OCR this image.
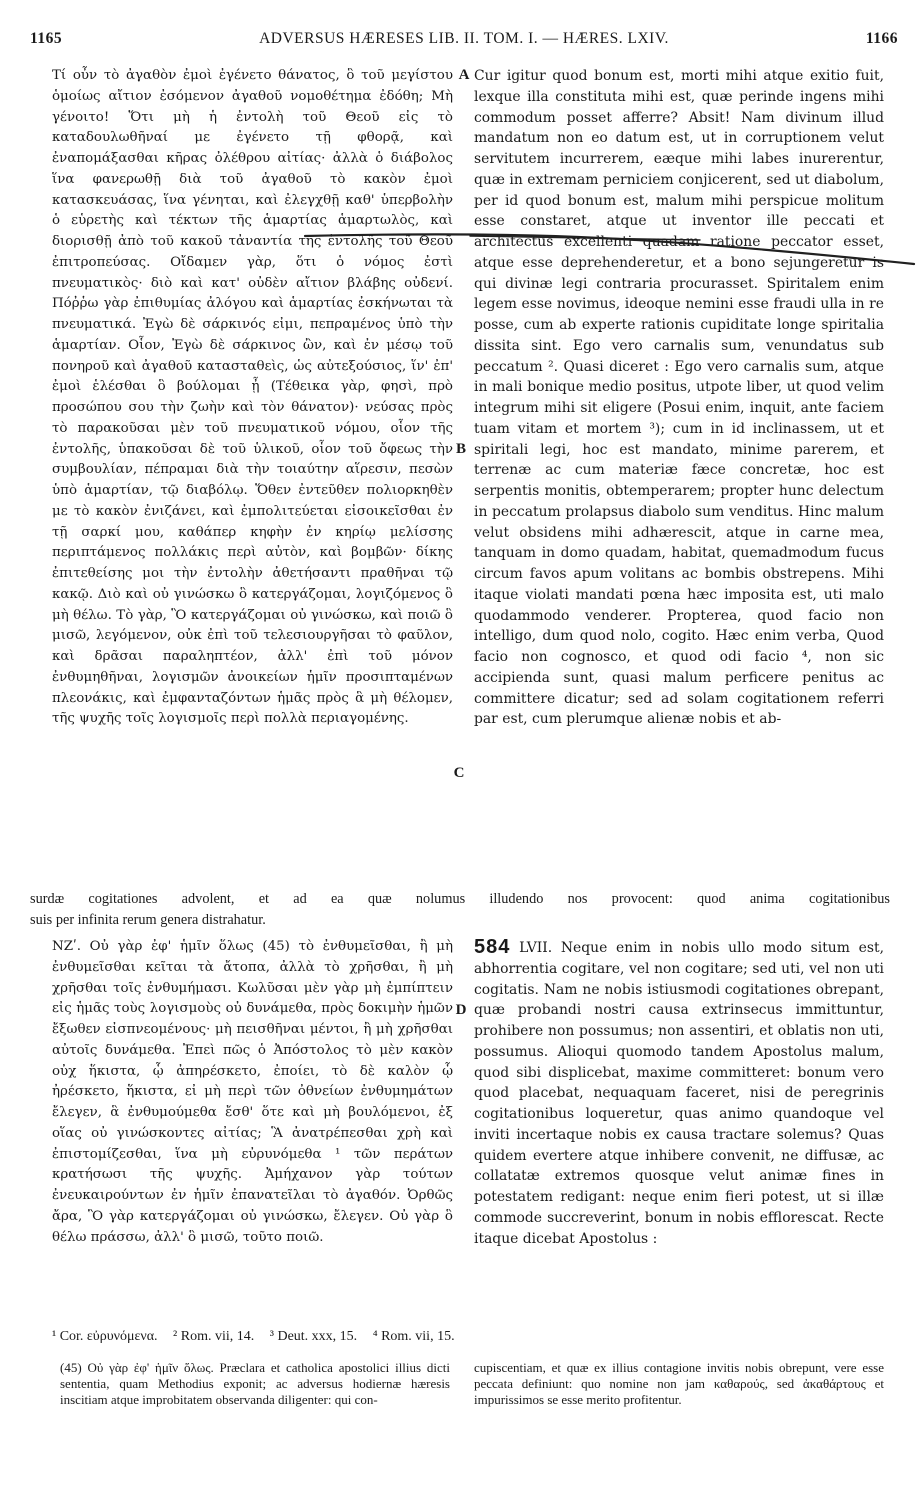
1165	ADVERSUS HÆRESES LIB. II. TOM. I. — HÆRES. LXIV.	1166

Τί οὖν τὸ ἀγαθὸν ἐμοὶ ἐγένετο θάνατος, ὃ τοῦ μεγίστου ὁμοίως αἴτιον ἐσόμενον ἀγαθοῦ νομοθέτημα ἐδόθη; Μὴ γένοιτο! Ὅτι μὴ ἡ ἐντολὴ τοῦ Θεοῦ εἰς τὸ καταδουλωθῆναί με ἐγένετο τῇ φθορᾷ, καὶ ἐναπομάξασθαι κῆρας ὀλέθρου αἰτίας· ἀλλὰ ὁ διάβολος ἵνα φανερωθῇ διὰ τοῦ ἀγαθοῦ τὸ κακὸν ἐμοὶ κατασκευάσας, ἵνα γένηται, καὶ ἐλεγχθῇ καθ' ὑπερβολὴν ὁ εὑρετὴς καὶ τέκτων τῆς ἁμαρτίας ἁμαρτωλὸς, καὶ διορισθῇ ἀπὸ τοῦ κακοῦ τἀναντία τῆς ἐντολῆς τοῦ Θεοῦ ἐπιτροπεύσας. Οἴδαμεν γὰρ, ὅτι ὁ νόμος ἐστὶ πνευματικὸς· διὸ καὶ κατ' οὐδὲν αἴτιον βλάβης οὐδενί. Πόῤῥω γὰρ ἐπιθυμίας ἀλόγου καὶ ἁμαρτίας ἐσκήνωται τὰ πνευματικά. Ἐγὼ δὲ σάρκινός εἰμι, πεπραμένος ὑπὸ τὴν ἁμαρτίαν. Οἷον, Ἐγὼ δὲ σάρκινος ὢν, καὶ ἐν μέσῳ τοῦ πονηροῦ καὶ ἀγαθοῦ κατασταθεὶς, ὡς αὐτεξούσιος, ἵν' ἐπ' ἐμοὶ ἑλέσθαι ὃ βούλομαι ᾖ (Τέθεικα γὰρ, φησὶ, πρὸ προσώπου σου τὴν ζωὴν καὶ τὸν θάνατον)· νεύσας πρὸς τὸ παρακοῦσαι μὲν τοῦ πνευματικοῦ νόμου, οἷον τῆς ἐντολῆς, ὑπακοῦσαι δὲ τοῦ ὑλικοῦ, οἷον τοῦ ὄφεως τὴν συμβουλίαν, πέπραμαι διὰ τὴν τοιαύτην αἵρεσιν, πεσὼν ὑπὸ ἁμαρτίαν, τῷ διαβόλῳ. Ὅθεν ἐντεῦθεν πολιορκηθὲν με τὸ κακὸν ἐνιζάνει, καὶ ἐμπολιτεύεται εἰσοικεῖσθαι ἐν τῇ σαρκί μου, καθάπερ κηφὴν ἐν κηρίῳ μελίσσης περιπτάμενος πολλάκις περὶ αὐτὸν, καὶ βομβῶν· δίκης ἐπιτεθείσης μοι τὴν ἐντολὴν ἀθετήσαντι πραθῆναι τῷ κακῷ. Διὸ καὶ οὐ γινώσκω ὃ κατεργάζομαι, λογιζόμενος ὃ μὴ θέλω. Τὸ γὰρ, Ὃ κατεργάζομαι οὐ γινώσκω, καὶ ποιῶ ὃ μισῶ, λεγόμενον, οὐκ ἐπὶ τοῦ τελεσιουργῆσαι τὸ φαῦλον, καὶ δρᾶσαι παραληπτέον, ἀλλ' ἐπὶ τοῦ μόνον ἐνθυμηθῆναι, λογισμῶν ἀνοικείων ἡμῖν προσιπταμένων πλεονάκις, καὶ ἐμφανταζόντων ἡμᾶς πρὸς ἃ μὴ θέλομεν, τῆς ψυχῆς τοῖς λογισμοῖς περὶ πολλὰ περιαγομένης.

Cur igitur quod bonum est, morti mihi atque exitio fuit, lexque illa constituta mihi est, quæ perinde ingens mihi commodum posset afferre? Absit! Nam divinum illud mandatum non eo datum est, ut in corruptionem velut servitutem incurrerem, eæque mihi labes inurerentur, quæ in extremam perniciem conjicerent, sed ut diabolum, per id quod bonum est, malum mihi perspicue molitum esse constaret, atque ut inventor ille peccati et architectus excellenti quadam ratione peccator esset, atque esse deprehenderetur, et a bono sejungeretur is qui divinæ legi contraria procurasset. Spiritalem enim legem esse novimus, ideoque nemini esse fraudi ulla in re posse, cum ab experte rationis cupiditate longe spiritalia dissita sint. Ego vero carnalis sum, venundatus sub peccatum ². Quasi diceret : Ego vero carnalis sum, atque in mali bonique medio positus, utpote liber, ut quod velim integrum mihi sit eligere (Posui enim, inquit, ante faciem tuam vitam et mortem ³); cum in id inclinassem, ut et spiritali legi, hoc est mandato, minime parerem, et terrenæ ac cum materiæ fæce concretæ, hoc est serpentis monitis, obtemperarem; propter hunc delectum in peccatum prolapsus diabolo sum venditus. Hinc malum velut obsidens mihi adhærescit, atque in carne mea, tanquam in domo quadam, habitat, quemadmodum fucus circum favos apum volitans ac bombis obstrepens. Mihi itaque violati mandati pœna hæc imposita est, uti malo quodammodo venderer. Propterea, quod facio non intelligo, dum quod nolo, cogito. Hæc enim verba, Quod facio non cognosco, et quod odi facio ⁴, non sic accipienda sunt, quasi malum perficere penitus ac committere dicatur; sed ad solam cogitationem referri par est, cum plerumque alienæ nobis et ab-

A
B
C
D
surdæ cogitationes advolent, et ad ea quæ nolumus illudendo nos provocent: quod anima cogitationibus
suis per infinita rerum genera distrahatur.

ΝΖʹ. Οὐ γὰρ ἐφ' ἡμῖν ὅλως (45) τὸ ἐνθυμεῖσθαι, ἢ μὴ ἐνθυμεῖσθαι κεῖται τὰ ἄτοπα, ἀλλὰ τὸ χρῆσθαι, ἢ μὴ χρῆσθαι τοῖς ἐνθυμήμασι. Κωλῦσαι μὲν γὰρ μὴ ἐμπίπτειν εἰς ἡμᾶς τοὺς λογισμοὺς οὐ δυνάμεθα, πρὸς δοκιμὴν ἡμῶν ἔξωθεν εἰσπνεομένους· μὴ πεισθῆναι μέντοι, ἢ μὴ χρῆσθαι αὐτοῖς δυνάμεθα. Ἐπεὶ πῶς ὁ Ἀπόστολος τὸ μὲν κακὸν οὐχ ἥκιστα, ᾧ ἀπηρέσκετο, ἐποίει, τὸ δὲ καλὸν ᾧ ἠρέσκετο, ἥκιστα, εἰ μὴ περὶ τῶν ὀθνείων ἐνθυμημάτων ἔλεγεν, ἃ ἐνθυμούμεθα ἔσθ' ὅτε καὶ μὴ βουλόμενοι, ἐξ οἵας οὐ γινώσκοντες αἰτίας; Ἃ ἀνατρέπεσθαι χρὴ καὶ ἐπιστομίζεσθαι, ἵνα μὴ εὐρυνόμεθα ¹ τῶν περάτων κρατήσωσι τῆς ψυχῆς. Ἀμήχανον γὰρ τούτων ἐνευκαιρούντων ἐν ἡμῖν ἐπανατεῖλαι τὸ ἀγαθόν. Ὀρθῶς ἄρα, Ὃ γὰρ κατεργάζομαι οὐ γινώσκω, ἔλεγεν. Οὐ γὰρ ὃ θέλω πράσσω, ἀλλ' ὃ μισῶ, τοῦτο ποιῶ.

584 LVII. Neque enim in nobis ullo modo situm est, abhorrentia cogitare, vel non cogitare; sed uti, vel non uti cogitatis. Nam ne nobis istiusmodi cogitationes obrepant, quæ probandi nostri causa extrinsecus immittuntur, prohibere non possumus; non assentiri, et oblatis non uti, possumus. Alioqui quomodo tandem Apostolus malum, quod sibi displicebat, maxime committeret: bonum vero quod placebat, nequaquam faceret, nisi de peregrinis cogitationibus loqueretur, quas animo quandoque vel inviti incertaque nobis ex causa tractare solemus? Quas quidem evertere atque inhibere convenit, ne diffusæ, ac collatatæ extremos quosque velut animæ fines in potestatem redigant: neque enim fieri potest, ut si illæ commode succreverint, bonum in nobis efflorescat. Recte itaque dicebat Apostolus :

¹ Cor. εὐρυνόμενα. ² Rom. vii, 14. ³ Deut. xxx, 15. ⁴ Rom. vii, 15.
(45) Οὐ γὰρ ἐφ' ἡμῖν ὅλως. Præclara et catholica apostolici illius dicti sententia, quam Methodius exponit; ac adversus hodiernæ hæresis inscitiam atque improbitatem observanda diligenter: qui con-
cupiscentiam, et quæ ex illius contagione invitis nobis obrepunt, vere esse peccata definiunt: quo nomine non jam καθαρούς, sed ἀκαθάρτους et impurissimos se esse merito profitentur.
